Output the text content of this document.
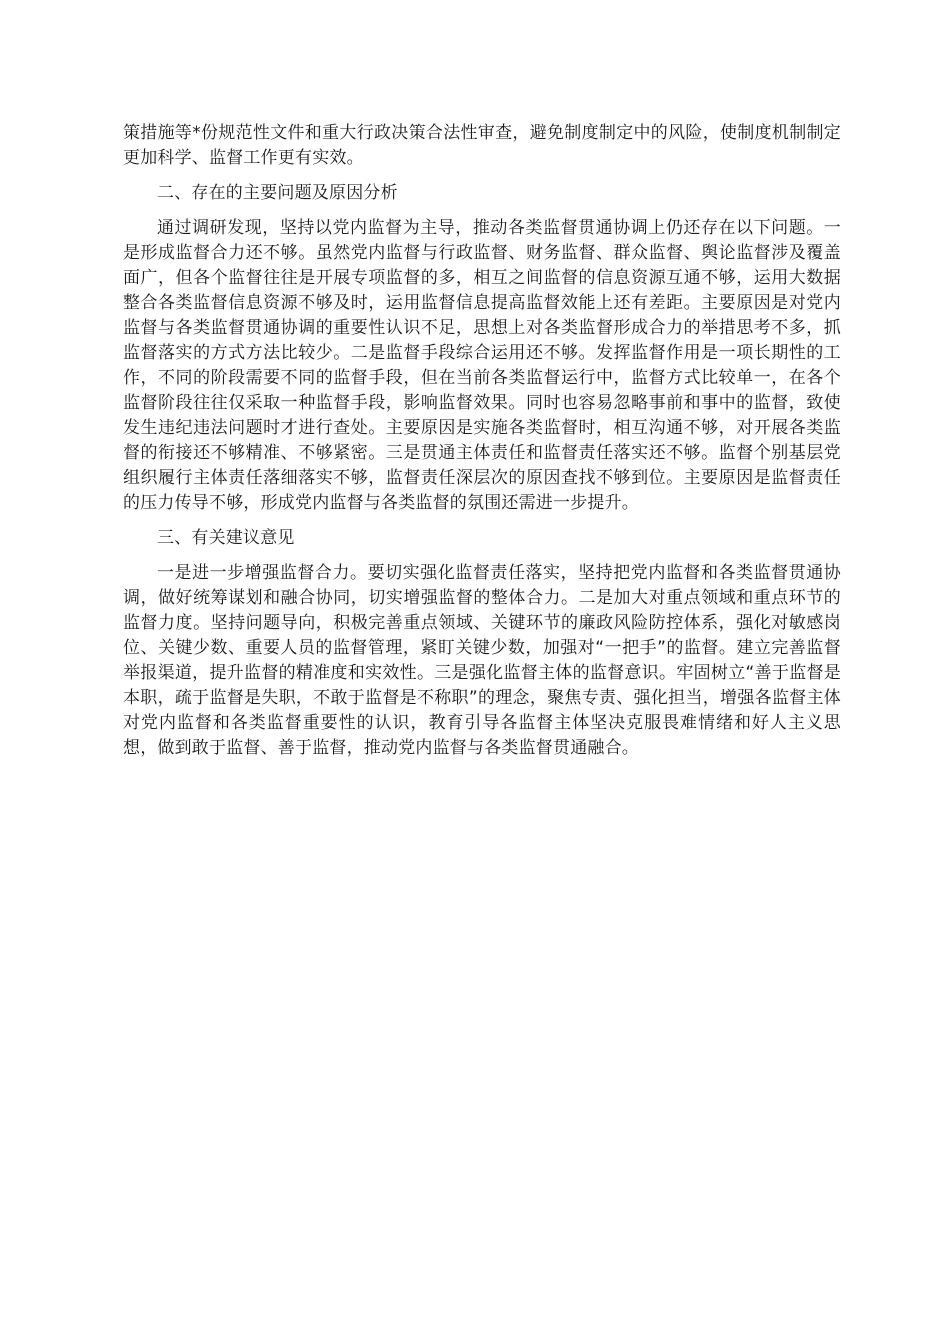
策措施等*份规范性文件和重大行政决策合法性审查，避免制度制定中的风险，使制度机制制定更加科学、监督工作更有实效。

二、存在的主要问题及原因分析

通过调研发现，坚持以党内监督为主导，推动各类监督贯通协调上仍还存在以下问题。一是形成监督合力还不够。虽然党内监督与行政监督、财务监督、群众监督、舆论监督涉及覆盖面广，但各个监督往往是开展专项监督的多，相互之间监督的信息资源互通不够，运用大数据整合各类监督信息资源不够及时，运用监督信息提高监督效能上还有差距。主要原因是对党内监督与各类监督贯通协调的重要性认识不足，思想上对各类监督形成合力的举措思考不多，抓监督落实的方式方法比较少。二是监督手段综合运用还不够。发挥监督作用是一项长期性的工作，不同的阶段需要不同的监督手段，但在当前各类监督运行中，监督方式比较单一，在各个监督阶段往往仅采取一种监督手段，影响监督效果。同时也容易忽略事前和事中的监督，致使发生违纪违法问题时才进行查处。主要原因是实施各类监督时，相互沟通不够，对开展各类监督的衔接还不够精准、不够紧密。三是贯通主体责任和监督责任落实还不够。监督个别基层党组织履行主体责任落细落实不够，监督责任深层次的原因查找不够到位。主要原因是监督责任的压力传导不够，形成党内监督与各类监督的氛围还需进一步提升。

三、有关建议意见

一是进一步增强监督合力。要切实强化监督责任落实，坚持把党内监督和各类监督贯通协调，做好统筹谋划和融合协同，切实增强监督的整体合力。二是加大对重点领域和重点环节的监督力度。坚持问题导向，积极完善重点领域、关键环节的廉政风险防控体系，强化对敏感岗位、关键少数、重要人员的监督管理，紧盯关键少数，加强对“一把手”的监督。建立完善监督举报渠道，提升监督的精准度和实效性。三是强化监督主体的监督意识。牢固树立“善于监督是本职，疏于监督是失职，不敢于监督是不称职”的理念，聚焦专责、强化担当，增强各监督主体对党内监督和各类监督重要性的认识，教育引导各监督主体坚决克服畏难情绪和好人主义思想，做到敢于监督、善于监督，推动党内监督与各类监督贯通融合。
